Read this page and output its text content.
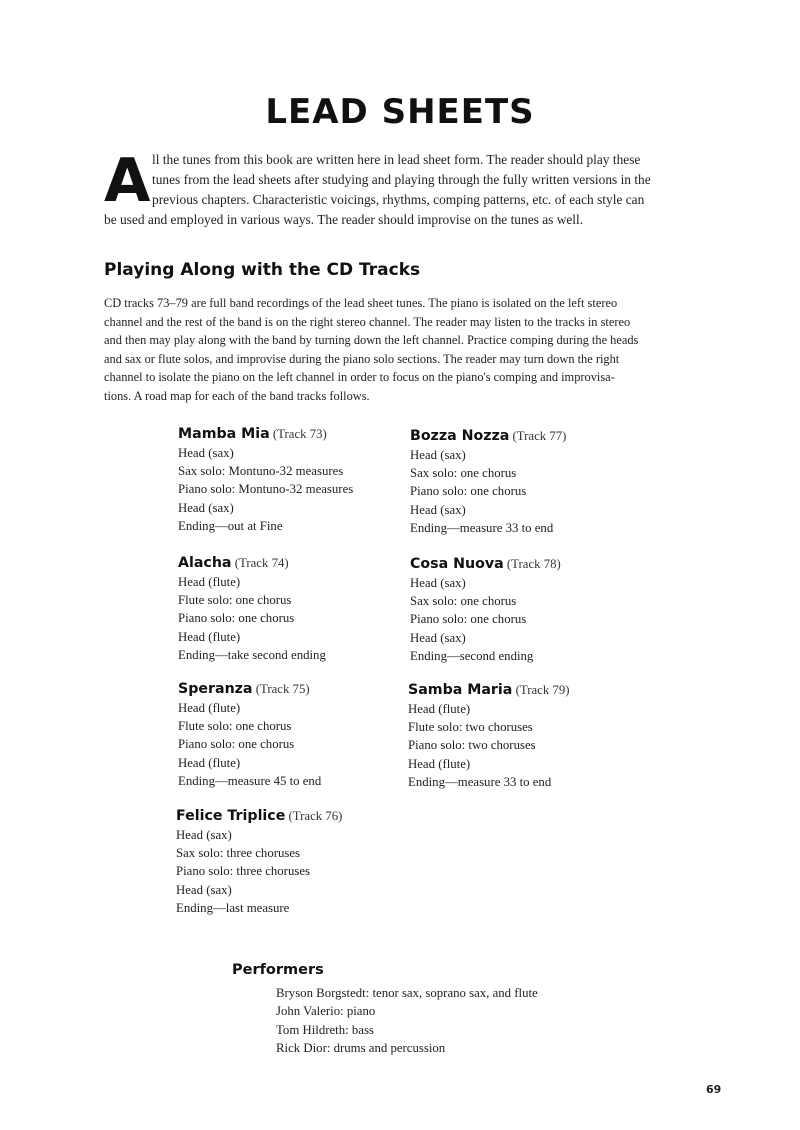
LEAD SHEETS
A ll the tunes from this book are written here in lead sheet form. The reader should play these
tunes from the lead sheets after studying and playing through the fully written versions in the
previous chapters. Characteristic voicings, rhythms, comping patterns, etc. of each style can
be used and employed in various ways. The reader should improvise on the tunes as well.
Playing Along with the CD Tracks
CD tracks 73–79 are full band recordings of the lead sheet tunes. The piano is isolated on the left stereo
channel and the rest of the band is on the right stereo channel. The reader may listen to the tracks in stereo
and then may play along with the band by turning down the left channel. Practice comping during the heads
and sax or flute solos, and improvise during the piano solo sections. The reader may turn down the right
channel to isolate the piano on the left channel in order to focus on the piano's comping and improvisa-
tions. A road map for each of the band tracks follows.
Mamba Mia (Track 73)
Head (sax)
Sax solo: Montuno-32 measures
Piano solo: Montuno-32 measures
Head (sax)
Ending—out at Fine
Alacha (Track 74)
Head (flute)
Flute solo: one chorus
Piano solo: one chorus
Head (flute)
Ending—take second ending
Speranza (Track 75)
Head (flute)
Flute solo: one chorus
Piano solo: one chorus
Head (flute)
Ending—measure 45 to end
Felice Triplice (Track 76)
Head (sax)
Sax solo: three choruses
Piano solo: three choruses
Head (sax)
Ending—last measure
Bozza Nozza (Track 77)
Head (sax)
Sax solo: one chorus
Piano solo: one chorus
Head (sax)
Ending—measure 33 to end
Cosa Nuova (Track 78)
Head (sax)
Sax solo: one chorus
Piano solo: one chorus
Head (sax)
Ending—second ending
Samba Maria (Track 79)
Head (flute)
Flute solo: two choruses
Piano solo: two choruses
Head (flute)
Ending—measure 33 to end
Performers
Bryson Borgstedt: tenor sax, soprano sax, and flute
John Valerio: piano
Tom Hildreth: bass
Rick Dior: drums and percussion
69
